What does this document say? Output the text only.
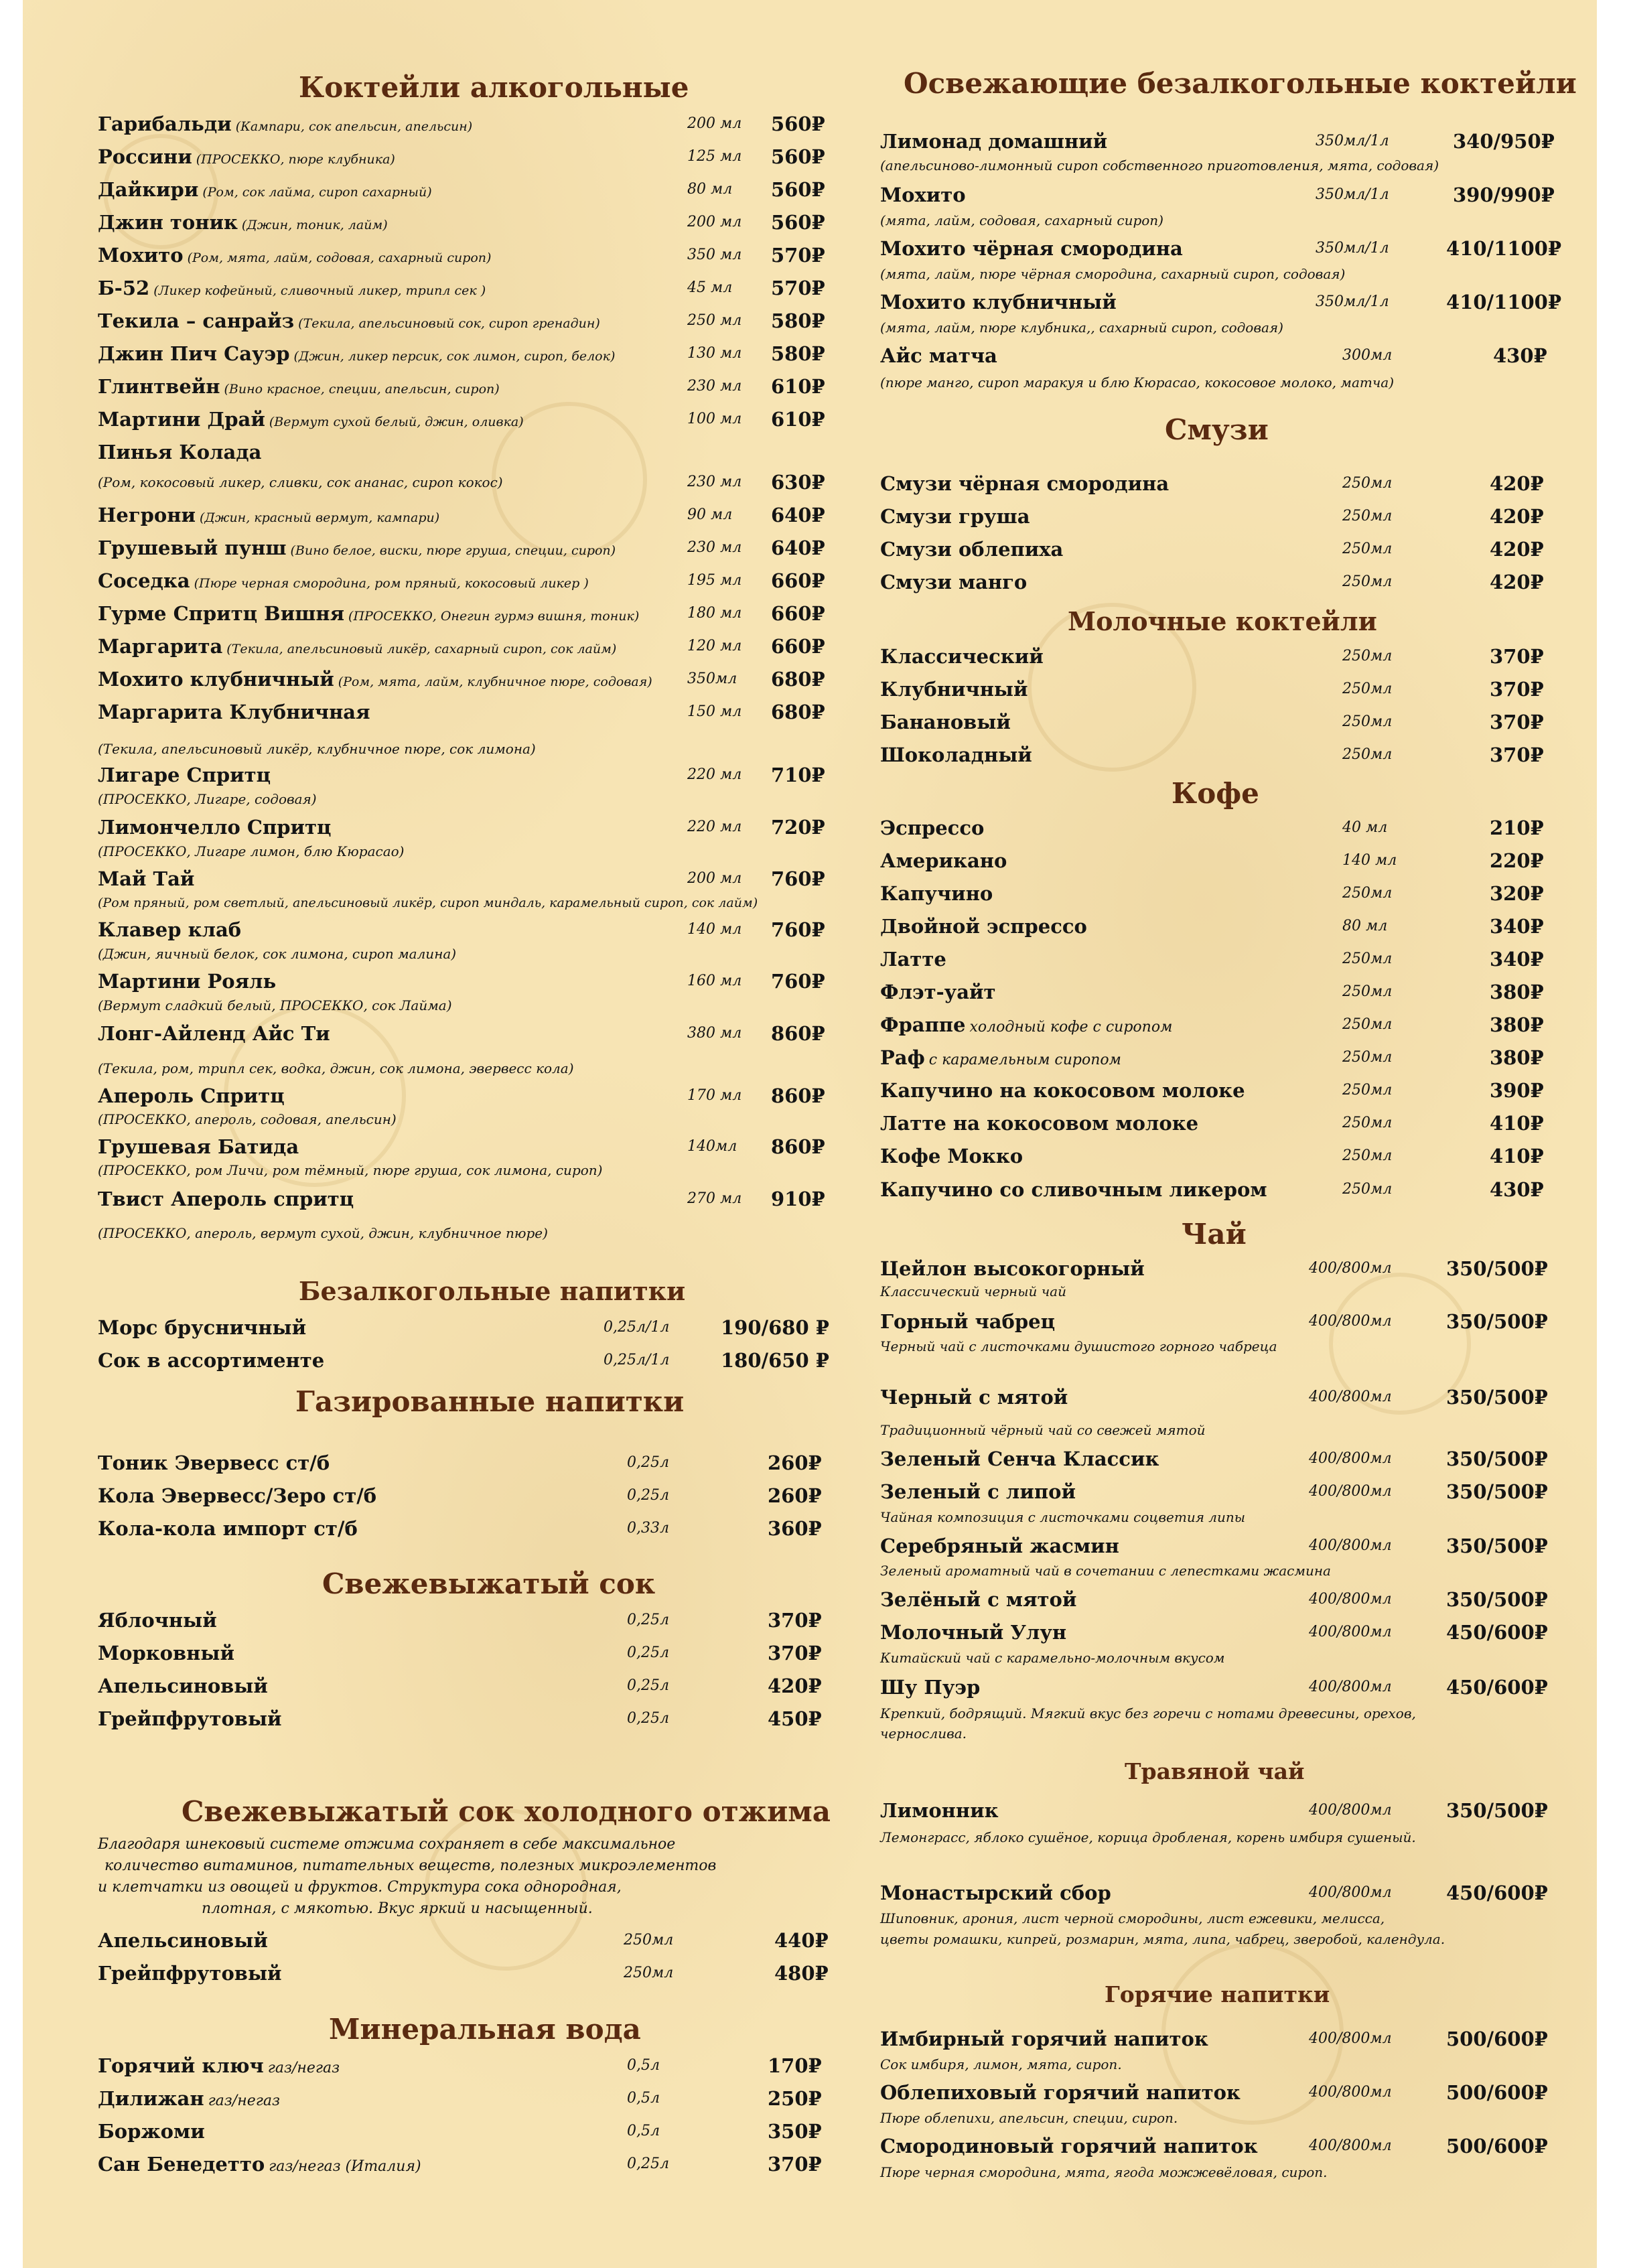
Коктейли алкогольные
Гарибальди (Кампари, сок апельсин, апельсин)	200 мл 560₽
Россини (ПРОСЕККО, пюре клубника)	125 мл 560₽
Дайкири (Ром, сок лайма, сироп сахарный)	80 мл 560₽
Джин тоник (Джин, тоник, лайм)	200 мл 560₽
Мохито (Ром, мята, лайм, содовая, сахарный сироп)	350 мл 570₽
Б-52 (Ликер кофейный, сливочный ликер, трипл сек )	45 мл 570₽
Текила – санрайз (Текила, апельсиновый сок, сироп гренадин)	250 мл 580₽
Джин Пич Сауэр (Джин, ликер персик, сок лимон, сироп, белок)	130 мл 580₽
Глинтвейн (Вино красное, специи, апельсин, сироп)	230 мл 610₽
Мартини Драй (Вермут сухой белый, джин, оливка)	100 мл 610₽
Пинья Колада
(Ром, кокосовый ликер, сливки, сок ананас, сироп кокос)	230 мл 630₽
Негрони (Джин, красный вермут, кампари)	90 мл 640₽
Грушевый пунш (Вино белое, виски, пюре груша, специи, сироп)	230 мл 640₽
Соседка (Пюре черная смородина, ром пряный, кокосовый ликер )	195 мл 660₽
Гурме Спритц Вишня (ПРОСЕККО, Онегин гурмэ вишня, тоник)	180 мл 660₽
Маргарита (Текила, апельсиновый ликёр, сахарный сироп, сок лайм)	120 мл 660₽
Мохито клубничный (Ром, мята, лайм, клубничное пюре, содовая) 350мл 680₽
Маргарита Клубничная	150 мл 680₽
(Текила, апельсиновый ликёр, клубничное пюре, сок лимона)
Лигаре Спритц	220 мл 710₽
(ПРОСЕККО, Лигаре, содовая)
Лимончелло Спритц	220 мл 720₽
(ПРОСЕККО, Лигаре лимон, блю Кюрасао)
Май Тай	200 мл 760₽
(Ром пряный, ром светлый, апельсиновый ликёр, сироп миндаль, карамельный сироп, сок лайм)
Клавер клаб	140 мл 760₽
(Джин, яичный белок, сок лимона, сироп малина)
Мартини Рояль	160 мл 760₽
(Вермут сладкий белый, ПРОСЕККО, сок Лайма)
Лонг-Айленд Айс Ти	380 мл 860₽
(Текила, ром, трипл сек, водка, джин, сок лимона, эвервесс кола)
Апероль Спритц	170 мл 860₽
(ПРОСЕККО, апероль, содовая, апельсин)
Грушевая Батида	140мл 860₽
(ПРОСЕККО, ром Личи, ром тёмный, пюре груша, сок лимона, сироп)
Твист Апероль спритц	270 мл 910₽
(ПРОСЕККО, апероль, вермут сухой, джин, клубничное пюре)
Безалкогольные напитки
Морс брусничный	0,25л/1л	190/680 ₽
Сок в ассортименте	0,25л/1л	180/650 ₽
Газированные напитки
Тоник Эвервесс ст/б	0,25л	260₽
Кола Эвервесс/Зеро ст/б	0,25л	260₽
Кола-кола импорт ст/б	0,33л	360₽
Свежевыжатый сок
Яблочный	0,25л	370₽
Морковный	0,25л	370₽
Апельсиновый	0,25л	420₽
Грейпфрутовый	0,25л	450₽
Свежевыжатый сок холодного отжима
Благодаря шнековый системе отжима сохраняет в себе максимальное
количество витаминов, питательных веществ, полезных микроэлементов
и клетчатки из овощей и фруктов. Структура сока однородная,
плотная, с мякотью. Вкус яркий и насыщенный.
Апельсиновый	250мл	440₽
Грейпфрутовый	250мл	480₽
Минеральная вода
Горячий ключ газ/негаз	0,5л	170₽
Дилижан газ/негаз	0,5л	250₽
Боржоми	0,5л	350₽
Сан Бенедетто газ/негаз (Италия)	0,25л	370₽
Освежающие безалкогольные коктейли
Лимонад домашний	350мл/1л	340/950₽
(апельсиново-лимонный сироп собственного приготовления, мята, содовая)
Мохито	350мл/1л	390/990₽
(мята, лайм, содовая, сахарный сироп)
Мохито чёрная смородина	350мл/1л	410/1100₽
(мята, лайм, пюре чёрная смородина, сахарный сироп, содовая)
Мохито клубничный	350мл/1л	410/1100₽
(мята, лайм, пюре клубника,, сахарный сироп, содовая)
Айс матча	300мл	430₽
(пюре манго, сироп маракуя и блю Кюрасао, кокосовое молоко, матча)
Смузи
Смузи чёрная смородина	250мл	420₽
Смузи груша	250мл	420₽
Смузи облепиха	250мл	420₽
Смузи манго	250мл	420₽
Молочные коктейли
Классический	250мл	370₽
Клубничный	250мл	370₽
Банановый	250мл	370₽
Шоколадный	250мл	370₽
Кофе
Эспрессо	40 мл	210₽
Американо	140 мл	220₽
Капучино	250мл	320₽
Двойной эспрессо	80 мл	340₽
Латте	250мл	340₽
Флэт-уайт	250мл	380₽
Фраппе холодный кофе с сиропом	250мл	380₽
Раф с карамельным сиропом	250мл	380₽
Капучино на кокосовом молоке	250мл	390₽
Латте на кокосовом молоке	250мл	410₽
Кофе Мокко	250мл	410₽
Капучино со сливочным ликером	250мл	430₽
Чай
Цейлон высокогорный	400/800мл	350/500₽
Классический черный чай
Горный чабрец	400/800мл	350/500₽
Черный чай с листочками душистого горного чабреца
Черный с мятой	400/800мл	350/500₽
Традиционный чёрный чай со свежей мятой
Зеленый Сенча Классик	400/800мл	350/500₽
Зеленый с липой	400/800мл	350/500₽
Чайная композиция с листочками соцветия липы
Серебряный жасмин	400/800мл	350/500₽
Зеленый ароматный чай в сочетании с лепестками жасмина
Зелёный с мятой	400/800мл	350/500₽
Молочный Улун	400/800мл	450/600₽
Китайский чай с карамельно-молочным вкусом
Шу Пуэр	400/800мл	450/600₽
Крепкий, бодрящий. Мягкий вкус без горечи с нотами древесины, орехов,
чернослива.
Травяной чай
Лимонник	400/800мл	350/500₽
Лемонграсс, яблоко сушёное, корица дробленая, корень имбиря сушеный.
Монастырский сбор	400/800мл	450/600₽
Шиповник, арония, лист черной смородины, лист ежевики, мелисса,
цветы ромашки, кипрей, розмарин, мята, липа, чабрец, зверобой, календула.
Горячие напитки
Имбирный горячий напиток	400/800мл	500/600₽
Сок имбиря, лимон, мята, сироп.
Облепиховый горячий напиток	400/800мл	500/600₽
Пюре облепихи, апельсин, специи, сироп.
Смородиновый горячий напиток	400/800мл	500/600₽
Пюре черная смородина, мята, ягода можжевёловая, сироп.
